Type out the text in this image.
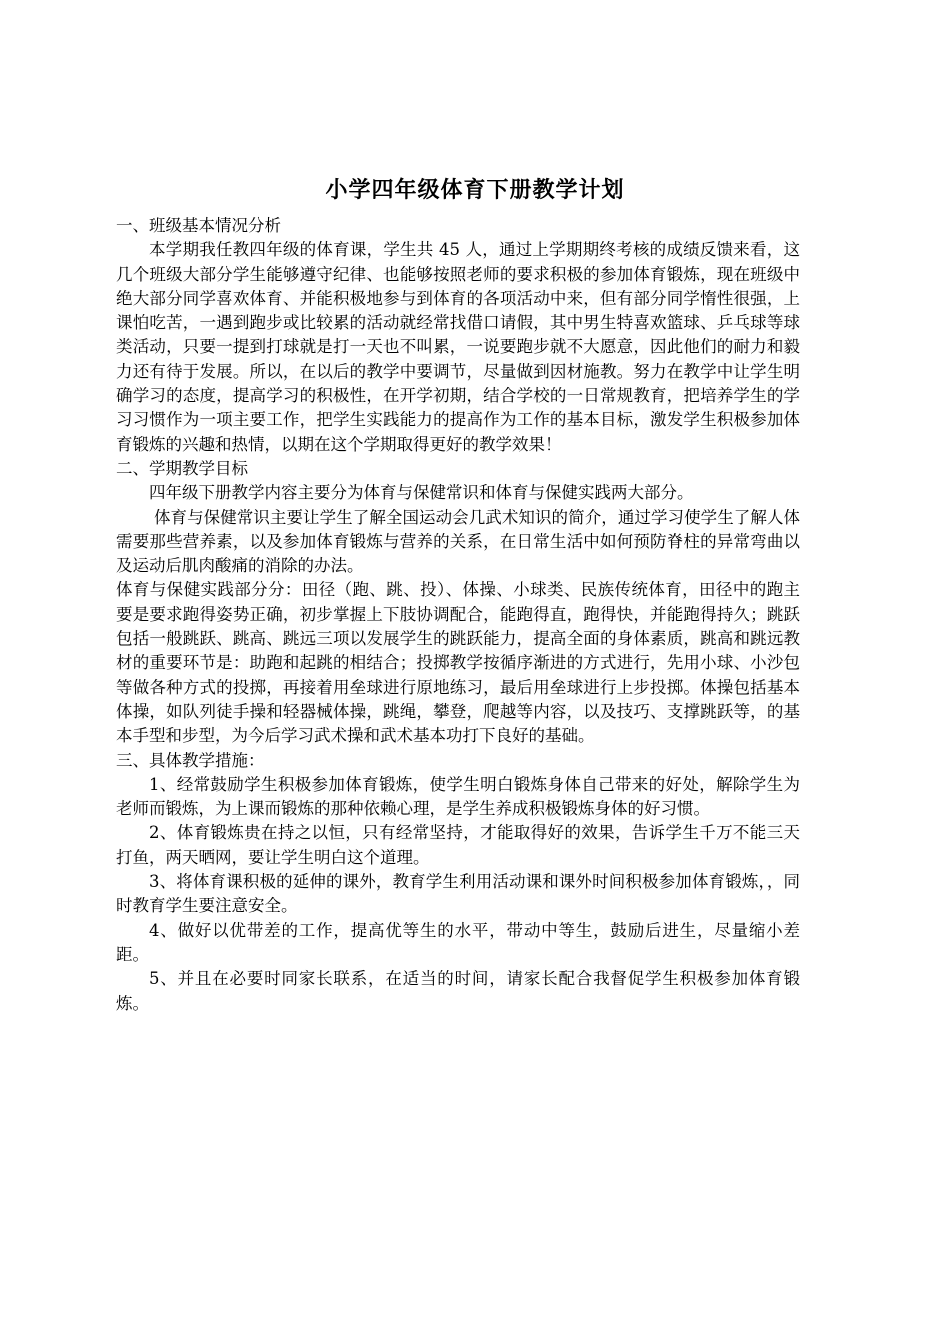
小学四年级体育下册教学计划

一、班级基本情况分析

本学期我任教四年级的体育课，学生共 45 人，通过上学期期终考核的成绩反馈来看，这几个班级大部分学生能够遵守纪律、也能够按照老师的要求积极的参加体育锻炼，现在班级中绝大部分同学喜欢体育、并能积极地参与到体育的各项活动中来，但有部分同学惰性很强，上课怕吃苦，一遇到跑步或比较累的活动就经常找借口请假，其中男生特喜欢篮球、乒乓球等球类活动，只要一提到打球就是打一天也不叫累，一说要跑步就不大愿意，因此他们的耐力和毅力还有待于发展。所以，在以后的教学中要调节，尽量做到因材施教。努力在教学中让学生明确学习的态度，提高学习的积极性，在开学初期，结合学校的一日常规教育，把培养学生的学习习惯作为一项主要工作，把学生实践能力的提高作为工作的基本目标，激发学生积极参加体育锻炼的兴趣和热情，以期在这个学期取得更好的教学效果！

二、学期教学目标

四年级下册教学内容主要分为体育与保健常识和体育与保健实践两大部分。

体育与保健常识主要让学生了解全国运动会几武术知识的简介，通过学习使学生了解人体需要那些营养素，以及参加体育锻炼与营养的关系，在日常生活中如何预防脊柱的异常弯曲以及运动后肌肉酸痛的消除的办法。

体育与保健实践部分分：田径（跑、跳、投）、体操、小球类、民族传统体育，田径中的跑主要是要求跑得姿势正确，初步掌握上下肢协调配合，能跑得直，跑得快，并能跑得持久；跳跃包括一般跳跃、跳高、跳远三项以发展学生的跳跃能力，提高全面的身体素质，跳高和跳远教材的重要环节是：助跑和起跳的相结合；投掷教学按循序渐进的方式进行，先用小球、小沙包等做各种方式的投掷，再接着用垒球进行原地练习，最后用垒球进行上步投掷。体操包括基本体操，如队列徒手操和轻器械体操，跳绳，攀登，爬越等内容，以及技巧、支撑跳跃等，的基本手型和步型，为今后学习武术操和武术基本功打下良好的基础。

三、具体教学措施：

1、经常鼓励学生积极参加体育锻炼，使学生明白锻炼身体自己带来的好处，解除学生为老师而锻炼，为上课而锻炼的那种依赖心理，是学生养成积极锻炼身体的好习惯。

2、体育锻炼贵在持之以恒，只有经常坚持，才能取得好的效果，告诉学生千万不能三天打鱼，两天晒网，要让学生明白这个道理。

3、将体育课积极的延伸的课外，教育学生利用活动课和课外时间积极参加体育锻炼，，同时教育学生要注意安全。

4、做好以优带差的工作，提高优等生的水平，带动中等生，鼓励后进生，尽量缩小差距。

5、并且在必要时同家长联系，在适当的时间，请家长配合我督促学生积极参加体育锻炼。
